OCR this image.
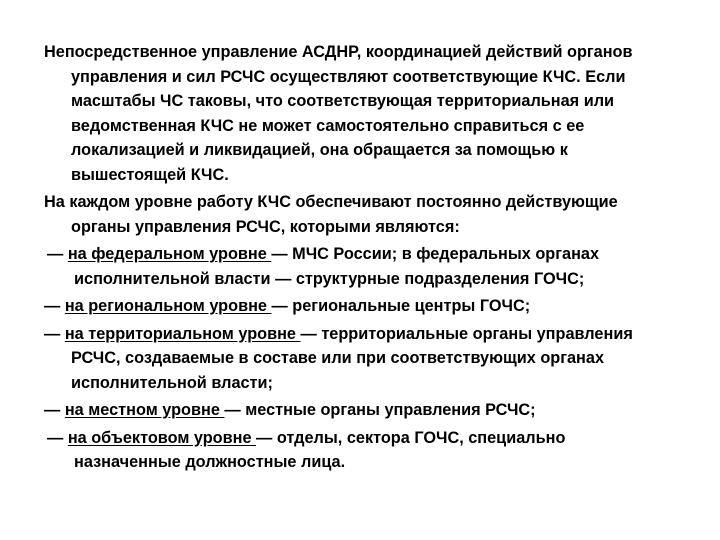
Непосредственное управление АСДНР, координацией действий органов управления и сил РСЧС осуществляют соответствующие КЧС. Если масштабы ЧС таковы, что соответствующая территориальная или ведомственная КЧС не может самостоятельно справиться с ее локализацией и ликвидацией, она обращается за помощью к вышестоящей КЧС.

На каждом уровне работу КЧС обеспечивают постоянно действующие органы управления РСЧС, которыми являются:

— на федеральном уровне — МЧС России; в федеральных органах исполнительной власти — структурные подразделения ГОЧС;

— на региональном уровне — региональные центры ГОЧС;

— на территориальном уровне — территориальные органы управления РСЧС, создаваемые в составе или при соответствующих органах исполнительной власти;

— на местном уровне — местные органы управления РСЧС;

— на объектовом уровне — отделы, сектора ГОЧС, специально назначенные должностные лица.
